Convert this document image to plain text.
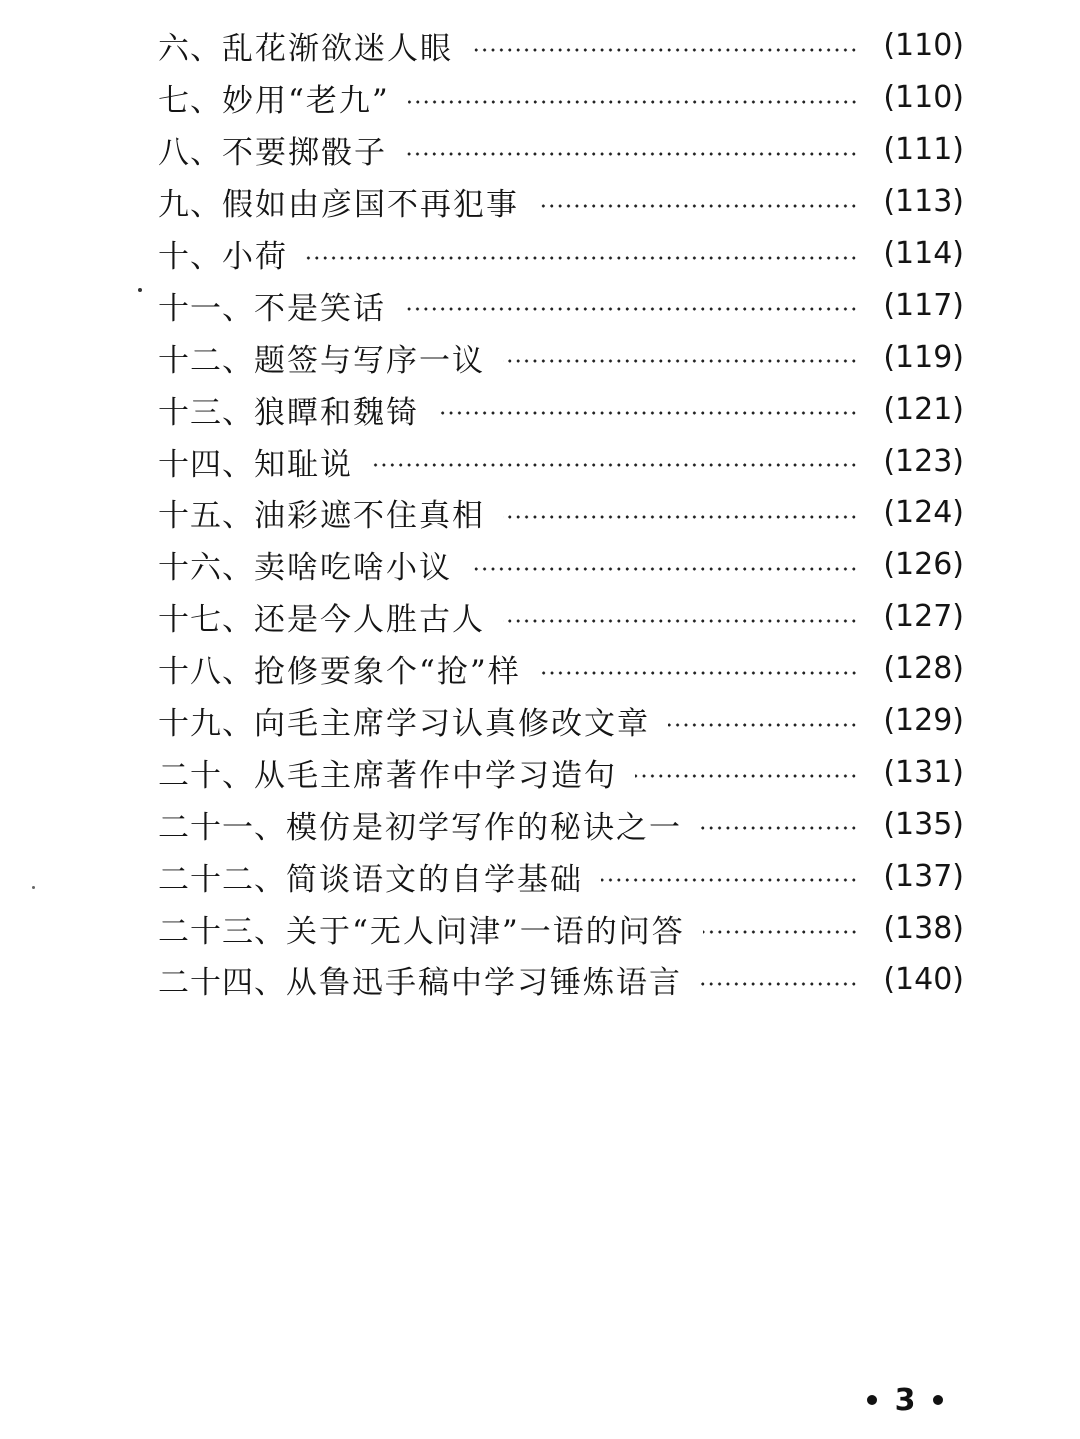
六、 乱花渐欲迷人眼	(110)
七、 妙用“老九”	(110)
八、 不要掷骰子	(111)
九、 假如由彦国不再犯事	(113)
十、 小荷	(114)
十一、 不是笑话	(117)
十二、 题签与写序一议	(119)
十三、 狼瞫和魏锜	(121)
十四、 知耻说	(123)
十五、 油彩遮不住真相	(124)
十六、 卖啥吃啥小议	(126)
十七、 还是今人胜古人	(127)
十八、 抢修要象个“抢”样	(128)
十九、 向毛主席学习认真修改文章	(129)
二十、 从毛主席著作中学习造句	(131)
二十一、 模仿是初学写作的秘诀之一	(135)
二十二、 简谈语文的自学基础	(137)
二十三、 关于“无人问津”一语的问答	(138)
二十四、 从鲁迅手稿中学习锤炼语言	(140)
3
